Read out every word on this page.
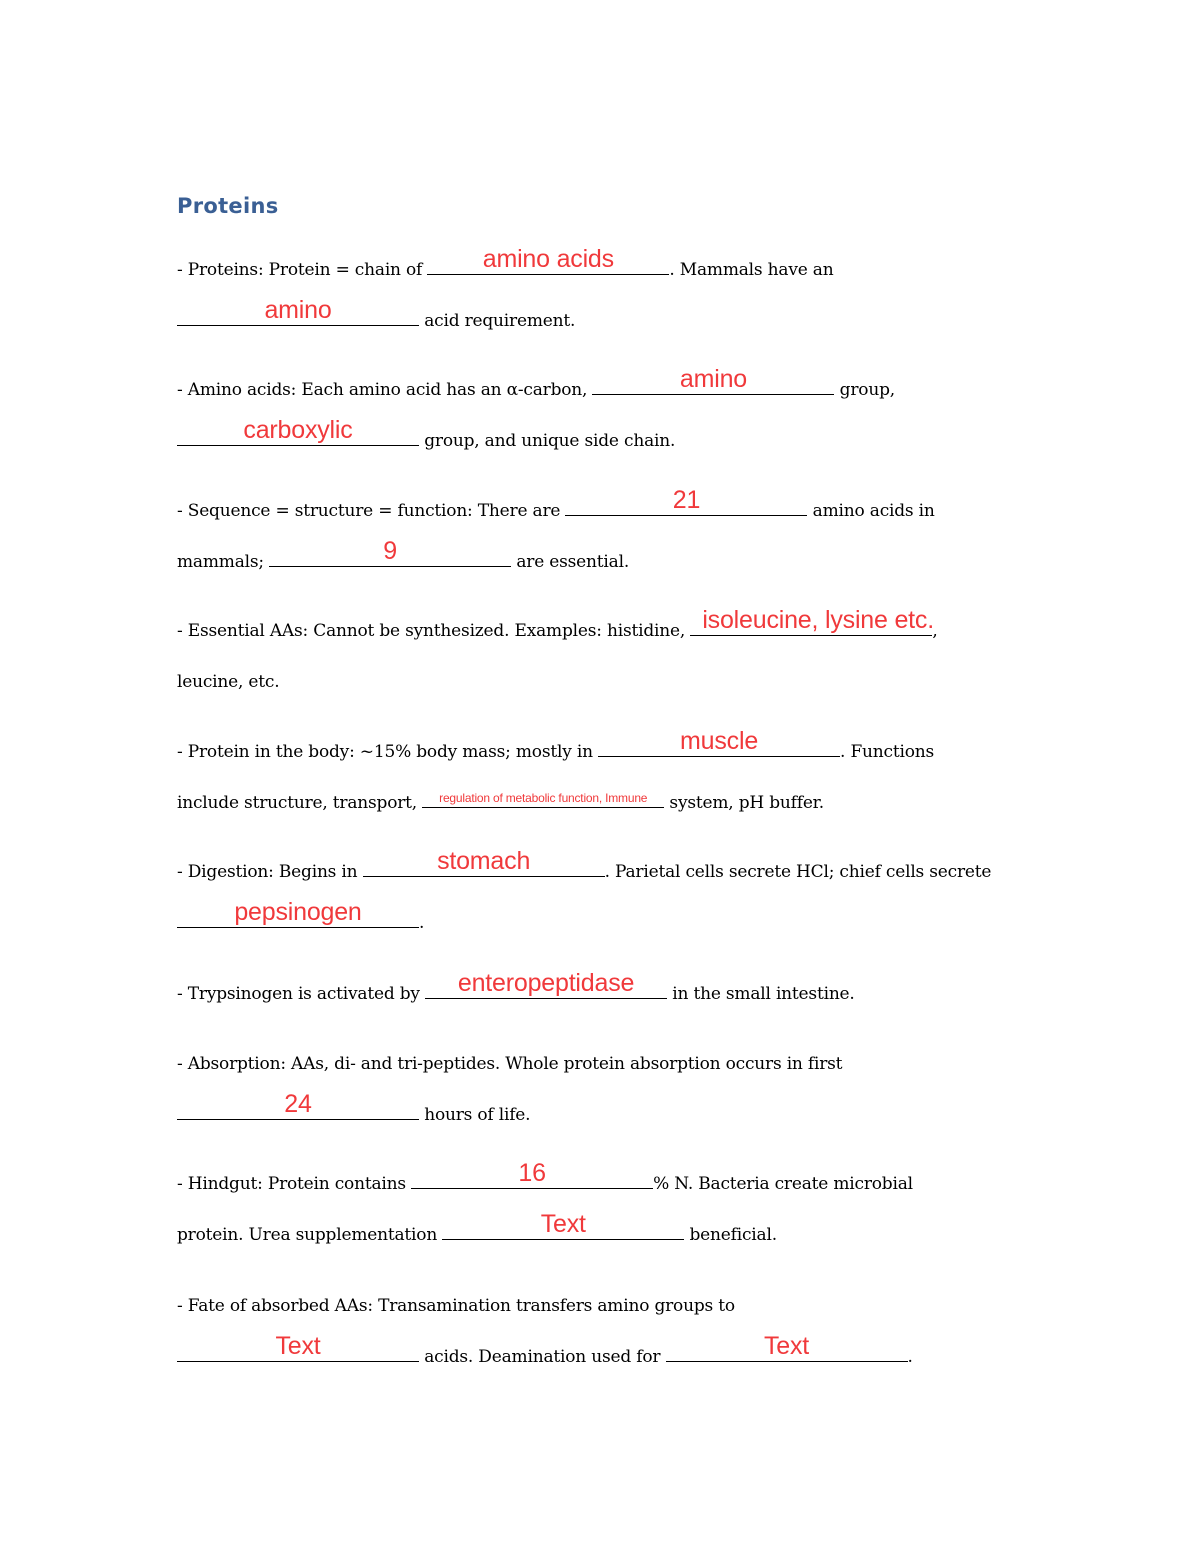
Proteins
- Proteins: Protein = chain of	amino acids	. Mammals have an
amino	acid requirement.
- Amino acids: Each amino acid has an α-carbon,	amino	group,
carboxylic	group, and unique side chain.
- Sequence = structure = function: There are	21	amino acids in
mammals;	9	are essential.
- Essential AAs: Cannot be synthesized. Examples: histidine, isoleucine, lysine etc.
,
leucine, etc.
- Protein in the body: ~15% body mass; mostly in	muscle	. Functions
include structure, transport,	regulation of metabolic function, Immune system, pH buffer.
- Digestion: Begins in	stomach	. Parietal cells secrete HCl; chief cells secrete
pepsinogen	.
- Trypsinogen is activated by	enteropeptidase	in the small intestine.
- Absorption: AAs, di- and tri-peptides. Whole protein absorption occurs in first
24	hours of life.
- Hindgut: Protein contains	16	% N. Bacteria create microbial
protein. Urea supplementation	Text	beneficial.
- Fate of absorbed AAs: Transamination transfers amino groups to
Text	acids. Deamination used for	Text	.
